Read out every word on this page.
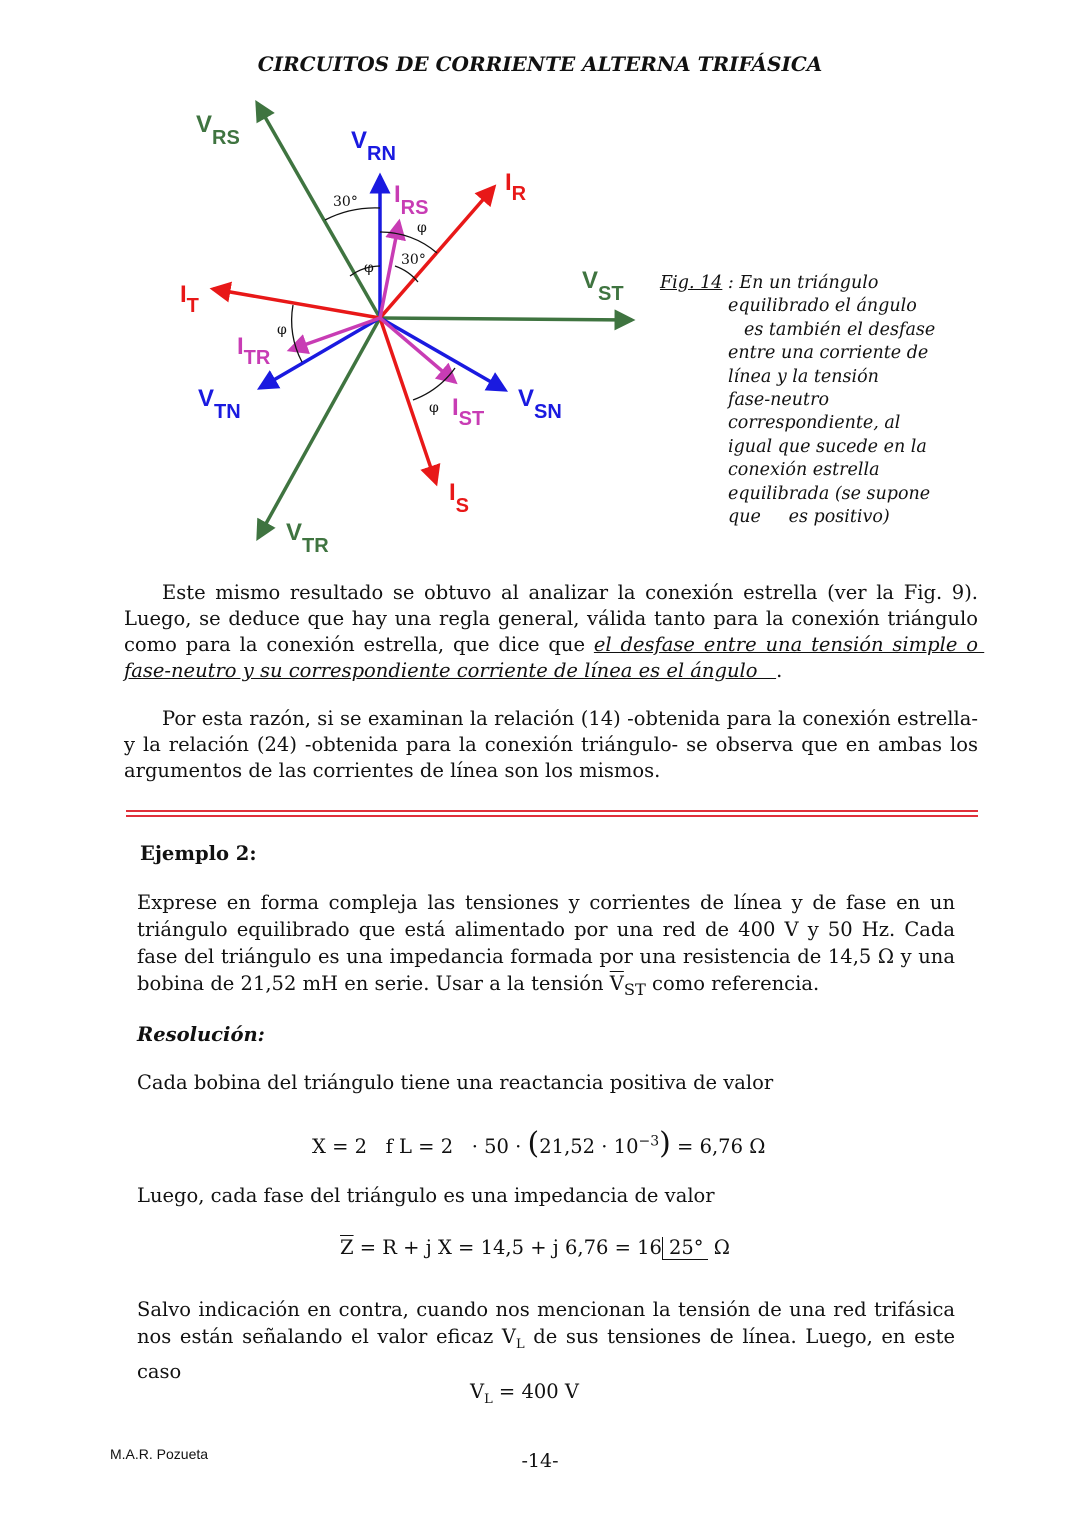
CIRCUITOS DE CORRIENTE ALTERNA TRIFÁSICA
30°
30°
φ
φ
φ
φ
$V_{RS}$	$V_{RN}$
$I_R$
$I_{RS}$
$V_{ST}$
$I_T$
$I_{TR}$
$V_{TN}$	$I_{ST}$
$V_{SN}$
$I_S$
$V_{TR}$
Fig. 14 : En un triángulo
equilibrado el ángulo
es también el desfase
entre una corriente de
línea y la tensión
fase-neutro
correspondiente, al
igual que sucede en la
conexión estrella
equilibrada (se supone
que     es positivo)
Este mismo resultado se obtuvo al analizar la conexión estrella (ver la Fig. 9). Luego, se deduce que hay una regla general, válida tanto para la conexión triángulo como para la conexión estrella, que dice que el desfase entre una tensión simple o fase-neutro y su correspondiente corriente de línea es el ángulo   .
Por esta razón, si se examinan la relación (14) -obtenida para la conexión estrella- y la relación (24) -obtenida para la conexión triángulo- se observa que en ambas los argumentos de las corrientes de línea son los mismos.
Ejemplo 2:
Exprese en forma compleja las tensiones y corrientes de línea y de fase en un triángulo equilibrado que está alimentado por una red de 400 V y 50 Hz. Cada fase del triángulo es una impedancia formada por una resistencia de 14,5 Ω y una bobina de 21,52 mH en serie. Usar a la tensión $\overline{V}_{ST}$ como referencia.
Resolución:
Cada bobina del triángulo tiene una reactancia positiva de valor
X = 2   f $L = 2 \cdot 50 \cdot (21,52 \cdot 10^{-3}) = 6,76$ Ω
Luego, cada fase del triángulo es una impedancia de valor
$\overline{Z} = R + j$ X = 14,5 + j 6,76 = 16 25° Ω
Salvo indicación en contra, cuando nos mencionan la tensión de una red trifásica nos están señalando el valor eficaz $V_L$ de sus tensiones de línea. Luego, en este caso
$V_L = 400$ V
M.A.R. Pozueta	-14-
